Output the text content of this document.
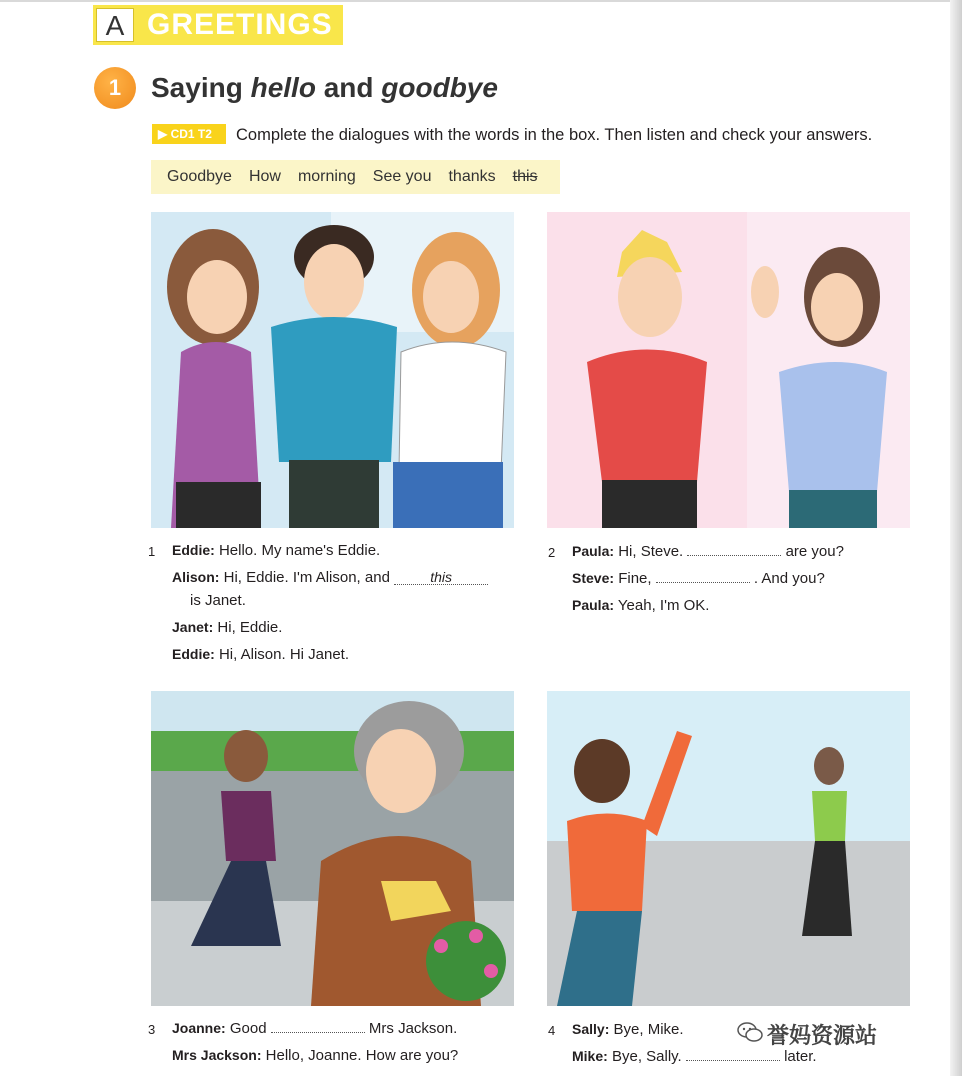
A GREETINGS
1	Saying hello and goodbye
▶ CD1 T2	Complete the dialogues with the words in the box. Then listen and check your answers.
Goodbye How morning See you thanks this
1 Eddie: Hello. My name's Eddie.
Alison: Hi, Eddie. I'm Alison, and	this
is Janet.
Janet: Hi, Eddie.
Eddie: Hi, Alison. Hi Janet.
2 Paula: Hi, Steve.	are you?
Steve: Fine,	. And you?
Paula: Yeah, I'm OK.
3 Joanne: Good	Mrs Jackson.
Mrs Jackson: Hello, Joanne. How are you?
4 Sally: Bye, Mike.
Mike: Bye, Sally.	later.
誉妈资源站
